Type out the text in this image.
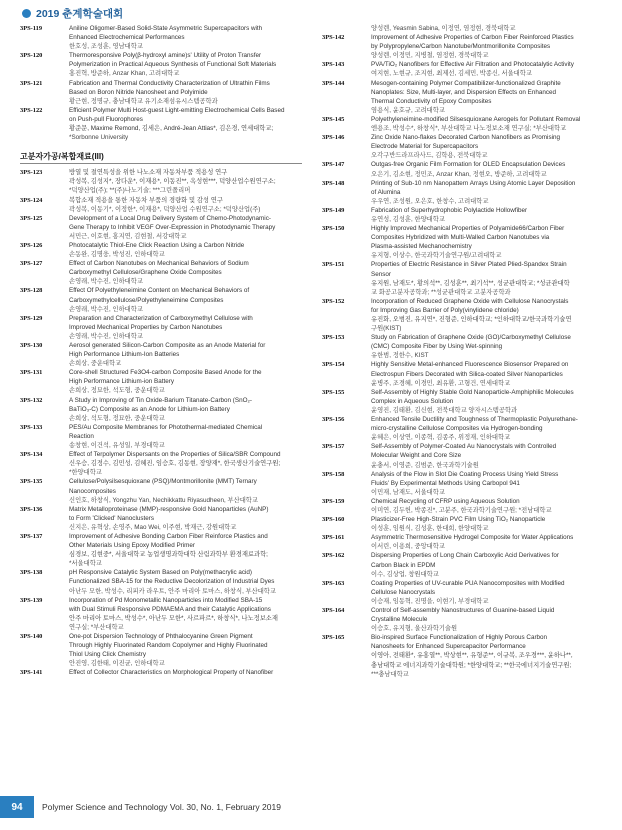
2019 춘계학술대회
3PS-119	Aniline Oligomer-Based Solid-State Asymmetric Supercapacitors with
Enhanced Electrochemical Performances
한호성, 조성훈, 영남대학교
3PS-120	Thermoresponsive Poly(β-hydroxyl amine)s' Utility of Proton Transfer
Polymerization in Practical Aqueous Synthesis of Functional Soft Materials
홍진혁, 방준하, Anzar Khan, 고려대학교
3PS-121	Fabrication and Thermal Conductivity Characterization of Ultrathin Films
Based on Boron Nitride Nanosheet and Polyimide
황근현, 정명규, 충남대학교 유기소재섬유시스템공학과
3PS-122	Efficient Polymer Multi Host-guest Light-emitting Electrochemical Cells Based
on Push-pull Fluorophores
황준문, Maxime Remond, 김세은, André-Jean Attias*, 김은경, 연세대학교;
*Sorbonne University
고분자가공/복합재료(III)
3PS-123	방열 및 절연특성을 위한 나노소재 자동차부품 적용성 연구
곽성복, 김성지*, 장다운*, 이재용*, 이동진**, 옥성현***, 덕양산업수원연구소;
*덕양산업(주); **(주)나노기술; ***그린폴리머
3PS-124	복합소재 적용을 통한 자동차 부품의 경량화 및 감성 연구
곽성복, 이동기*, 이정한*, 이재용*, 덕양산업 수원연구소; *덕양산업(주)
3PS-125	Development of a Local Drug Delivery System of Chemo-Photodynamic-
Gene Therapy to Inhibit VEGF Over-Expression in Photodynamic Therapy
서민근, 이호현, 홍지연, 김현철, 서강대학교
3PS-126	Photocatalytic Thiol-Ene Click Reaction Using a Carbon Nitride
손동완, 김명웅, 박성진, 인하대학교
3PS-127	Effect of Carbon Nanotubes on Mechanical Behaviors of Sodium
Carboxymethyl Cellulose/Graphene Oxide Composites
손영래, 박수진, 인하대학교
3PS-128	Effect Of Polyethyleneimine Content on Mechanical Behaviors of
Carboxymethylcellulose/Polyethyleneimine Composites
손영래, 박수진, 인하대학교
3PS-129	Preparation and Characterization of Carboxymethyl Cellulose with
Improved Mechanical Properties by Carbon Nanotubes
손영래, 박수진, 인하대학교
3PS-130	Aerosol generated Silicon-Carbon Composite as an Anode Material for
High Performance Lithium-Ion Batteries
손희상, 중운대학교
3PS-131	Core-shell Structured Fe3O4-carbon Composite Based Anode for the
High Performance Lithium-ion Battery
손희상, 정묘한, 석도형, 중운대학교
3PS-132	A Study in Improving of Tin Oxide-Barium Titanate-Carbon (SnO₂-
BaTiO₃-C) Composite as an Anode for Lithium-ion Battery
손희상, 석도형, 정묘한, 중운대학교
3PS-133	PES/Au Composite Membranes for Photothermal-mediated Chemical
Reaction
송창현, 이건석, 유성일, 부경대학교
3PS-134	Effect of Terpolymer Dispersants on the Properties of Silica/SBR Compound
신우승, 김정수, 김민성, 김혜진, 임승호, 김동현, 장양재*, 한국생산기술연구원;
*한양대학교
3PS-135	Cellulose/Polysilsesquioxane (PSQ)/Montmorillonite (MMT) Ternary
Nanocomposites
신인호, 하창식, Yongzhu Yan, Nechikkattu Riyasudheen, 부산대학교
3PS-136	Matrix Metalloproteinase (MMP)-responsive Gold Nanoparticles (AuNP)
to Form 'Clicked' Nanoclusters
신지은, 유혁상, 손영주, Mao Wei, 이주현, 박재근, 강원대학교
3PS-137	Improvement of Adhesive Bonding Carbon Fiber Reinforce Plastics and
Other Materials Using Epoxy Modified Primer
심경보, 김현중*, 서울대학교 농업생명과학대학 산림과학부 환경재료과학;
*서울대학교
3PS-138	pH Responsive Catalytic System Based on Poly(methacrylic acid)
Functionalized SBA-15 for the Reductive Decolorization of Industrial Dyes
아난두 모한, 박성수, 리피카 라우트, 안주 마리아 토마스, 하창식, 부산대학교
3PS-139	Incorporation of Pd Monometallic Nanoparticles into Modified SBA-15
with Dual Stimuli Responsive PDMAEMA and their Catalytic Applications
안주 마리아 토마스, 박성수*, 아난두 모한*, 사르파르*, 하창식*, 나노정보소재
연구실; *부산대학교
3PS-140	One-pot Dispersion Technology of Phthalocyanine Green Pigment
Through Highly Fluorinated Random Copolymer and Highly Fluorinated
Thiol Using Click Chemistry
안진영, 김한태, 이진균, 인하대학교
3PS-141	Effect of Collector Characteristics on Morphological Property of Nanofiber
양성렌, Yeasmin Sabina, 이정연, 염정현, 경북대학교
3PS-142	Improvement of Adhesive Properties of Carbon Fiber Reinforced Plastics
by Polypropylene/Carbon Nanotube/Montmorillonite Composites
양성렌, 이정민, 지병철, 염정현, 경북대학교
3PS-143	PVA/TiO₂ Nanofibers for Effective Air Filtration and Photocatalytic Activity
여지현, 노현규, 조지현, 최제선, 김세민, 박종신, 서울대학교
3PS-144	Mesogen-containing Polymer Compatibilizer-functionalized Graphite
Nanoplates: Size, Multi-layer, and Dispersion Effects on Enhanced
Thermal Conductivity of Epoxy Composites
염용식, 윤호규, 고려대학교
3PS-145	Polyethyleneimine-modified Silsesquioxane Aerogels for Pollutant Removal
엔용조, 박성수*, 하창식*, 부산대학교 나노정보소재 연구실; *부산대학교
3PS-146	Zinc Oxide Nano-flakes Decorated Carbon Nanofibers as Promising
Electrode Material for Supercapacitors
오각구반드라프라사드, 김학용, 전북대학교
3PS-147	Outgas-free Organic Film Formation for OLED Encapsulation Devices
오은기, 김소현, 정민조, Anzar Khan, 정현오, 방준하, 고려대학교
3PS-148	Printing of Sub-10 nm Nanopattern Arrays Using Atomic Layer Deposition
of Alumina
우우연, 조성원, 오은호, 한창수, 고려대학교
3PS-149	Fabrication of Superhydrophobic Polylactide Hollowfiber
유연성, 김성훈, 한양대학교
3PS-150	Highly Improved Mechanical Properties of Polyamide66/Carbon Fiber
Composites Hybridized with Multi-Walled Carbon Nanotubes via
Plasma-assisted Mechanochemistry
유지형, 이상수, 한국과학기술연구원/고려대학교
3PS-151	Properties of Electric Resistance in Silver Plated Plied-Spandex Strain
Sensor
유지원, 남재도*, 황의석**, 김성훈**, 최기석**, 성균관대학교; *성균관대학
교 화공고분자공학과; **성균관대학교 고분자공학과
3PS-152	Incorporation of Reduced Graphene Oxide with Cellulose Nanocrystals
for Improving Gas Barrier of Poly(vinylidene chloride)
유진화, 오범진, 유지연*, 진형준, 인하대학교; *인하대학교/한국과학기술연
구원(KIST)
3PS-153	Study on Fabrication of Graphene Oxide (GO)/Carboxymethyl Cellulose
(CMC) Composite Fiber by Using Wet-spinning
유한범, 정한수, KIST
3PS-154	Highly Sensitive Metal-enhanced Fluorescence Biosensor Prepared on
Electrospun Fibers Decorated with Silica-coated Silver Nanoparticles
윤병주, 조경혜, 이경민, 최유환, 고형건, 연세대학교
3PS-155	Self-Assembly of Highly Stable Gold Nanoparticle-Amphiphilic Molecules
Complex in Aqueous Solution
윤영진, 김태환, 김신현, 전북대학교 양자시스템공학과
3PS-156	Enhanced Tensile Ductility and Toughness of Thermoplastic Polyurethane-
micro-crystalline Cellulose Composites via Hydrogen-bonding
윤혜은, 이상연, 이종혁, 김종주, 위정재, 인하대학교
3PS-157	Self-Assembly of Polymer-Coated Au Nanocrystals with Controlled
Molecular Weight and Core Size
윤충서, 이영준, 김범준, 한국과학기술원
3PS-158	Analysis of the Flow in Slot Die Coating Process Using Yield Stress
Fluids' By Experimental Methods Using Carbopol 941
이민재, 남재도, 서울대학교
3PS-159	Chemical Recycling of CFRP using Aqueous Solution
이미연, 김두헌, 박종진*, 고분주, 한국과학기술연구원; *전남대학교
3PS-160	Plasticizer-Free High-Strain PVC Film Using TiO₂ Nanoparticle
이성훈, 임원식, 김성훈, 한대희, 한양대학교
3PS-161	Asymmetric Thermosensitive Hydrogel Composite for Water Applications
이서린, 이용희, 중앙대학교
3PS-162	Dispersing Properties of Long Chain Carboxylic Acid Derivatives for
Carbon Black in EPDM
이수, 김상업, 창원대학교
3PS-163	Coating Properties of UV-curable PUA Nanocomposites with Modified
Cellulose Nanocrystals
이승재, 임동혁, 진명을, 이현기, 부경대학교
3PS-164	Control of Self-assembly Nanostructures of Guanine-based Liquid
Crystalline Molecule
이승호, 유지형, 울산과학기술원
3PS-165	Bio-inspired Surface Functionalization of Highly Porous Carbon
Nanosheets for Enhanced Supercapacitor Performance
이영아, 전태환*, 유홍열**, 박상현**, 유형준**, 이규복, 조우경***, 윤하나**,
충남대학교 에너지과학기술대학원; *한양대학교; **한국에너지기술연구원;
***충남대학교
94	Polymer Science and Technology Vol. 30, No. 1, February 2019
